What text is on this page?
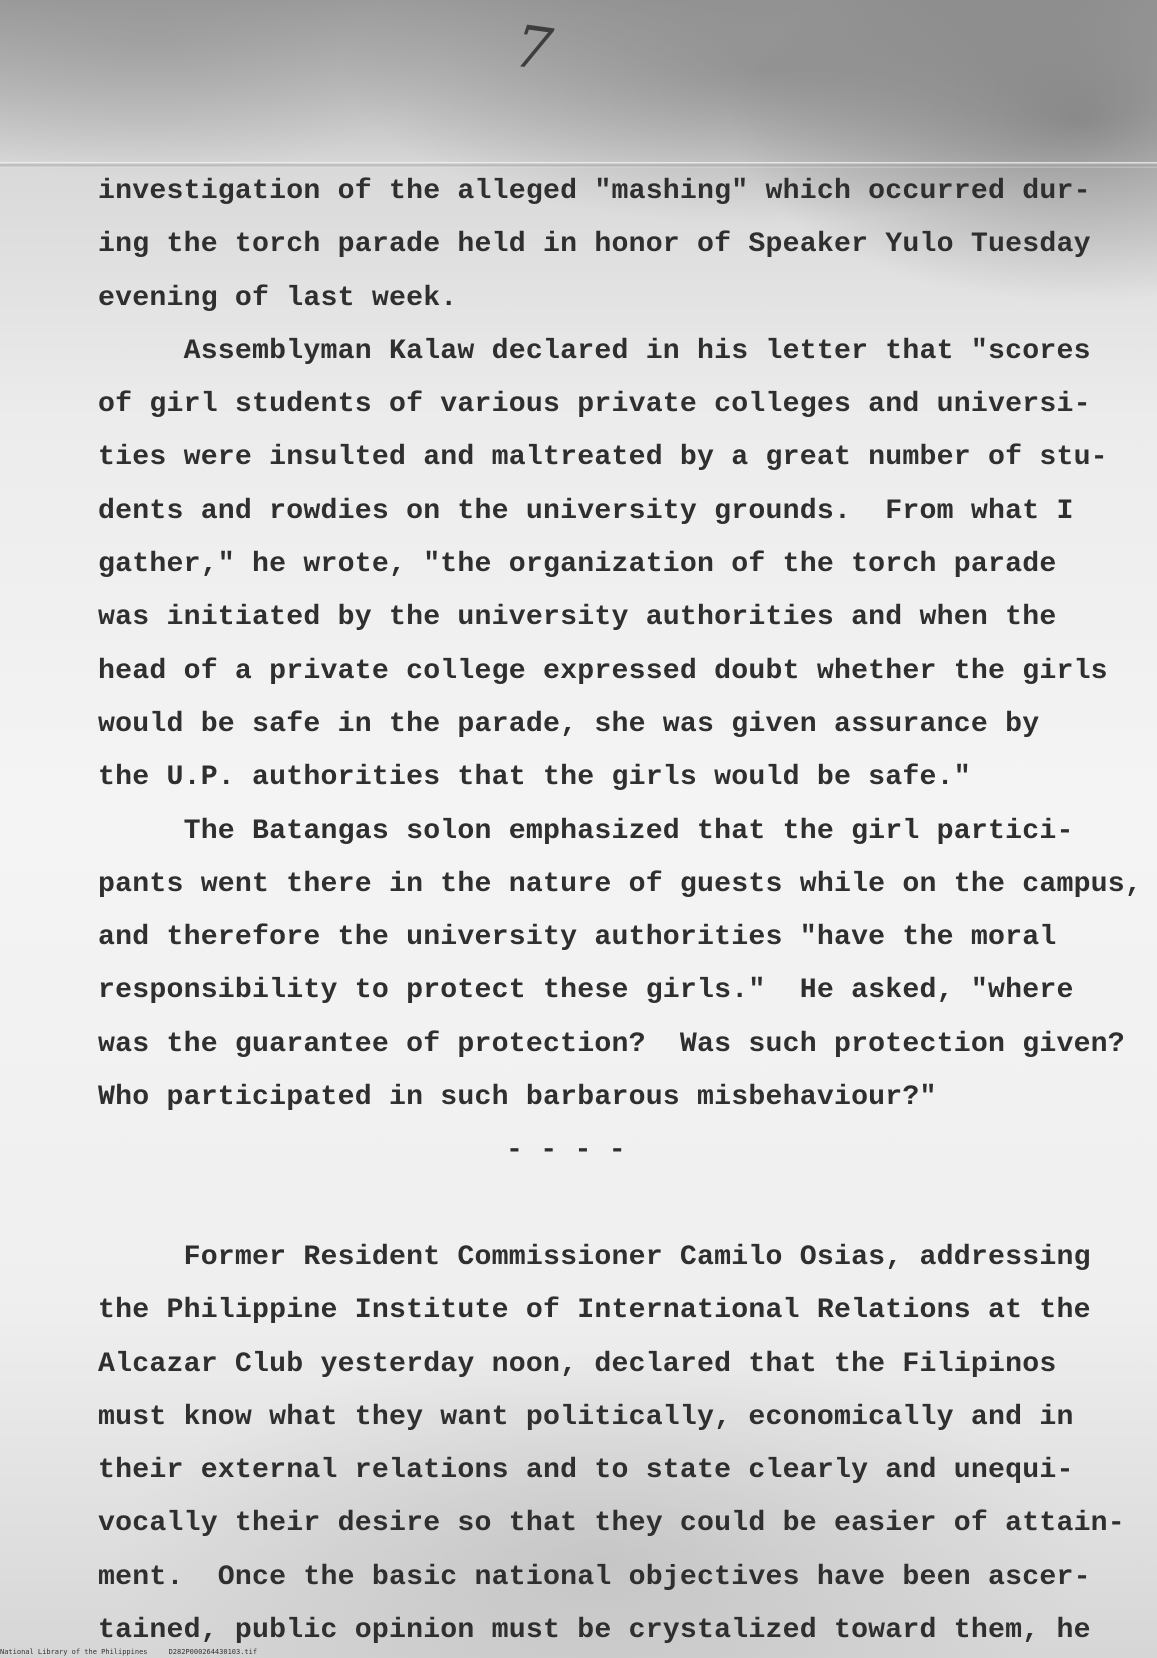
7
investigation of the alleged "mashing" which occurred dur-
ing the torch parade held in honor of Speaker Yulo Tuesday
evening of last week.
Assemblyman Kalaw declared in his letter that "scores
of girl students of various private colleges and universi-
ties were insulted and maltreated by a great number of stu-
dents and rowdies on the university grounds.  From what I
gather," he wrote, "the organization of the torch parade
was initiated by the university authorities and when the
head of a private college expressed doubt whether the girls
would be safe in the parade, she was given assurance by
the U.P. authorities that the girls would be safe."
The Batangas solon emphasized that the girl partici-
pants went there in the nature of guests while on the campus,
and therefore the university authorities "have the moral
responsibility to protect these girls."  He asked, "where
was the guarantee of protection?  Was such protection given?
Who participated in such barbarous misbehaviour?"
- - - -
Former Resident Commissioner Camilo Osias, addressing
the Philippine Institute of International Relations at the
Alcazar Club yesterday noon, declared that the Filipinos
must know what they want politically, economically and in
their external relations and to state clearly and unequi-
vocally their desire so that they could be easier of attain-
ment.  Once the basic national objectives have been ascer-
tained, public opinion must be crystalized toward them, he
National Library of the Philippines     D282P000264430103.tif
